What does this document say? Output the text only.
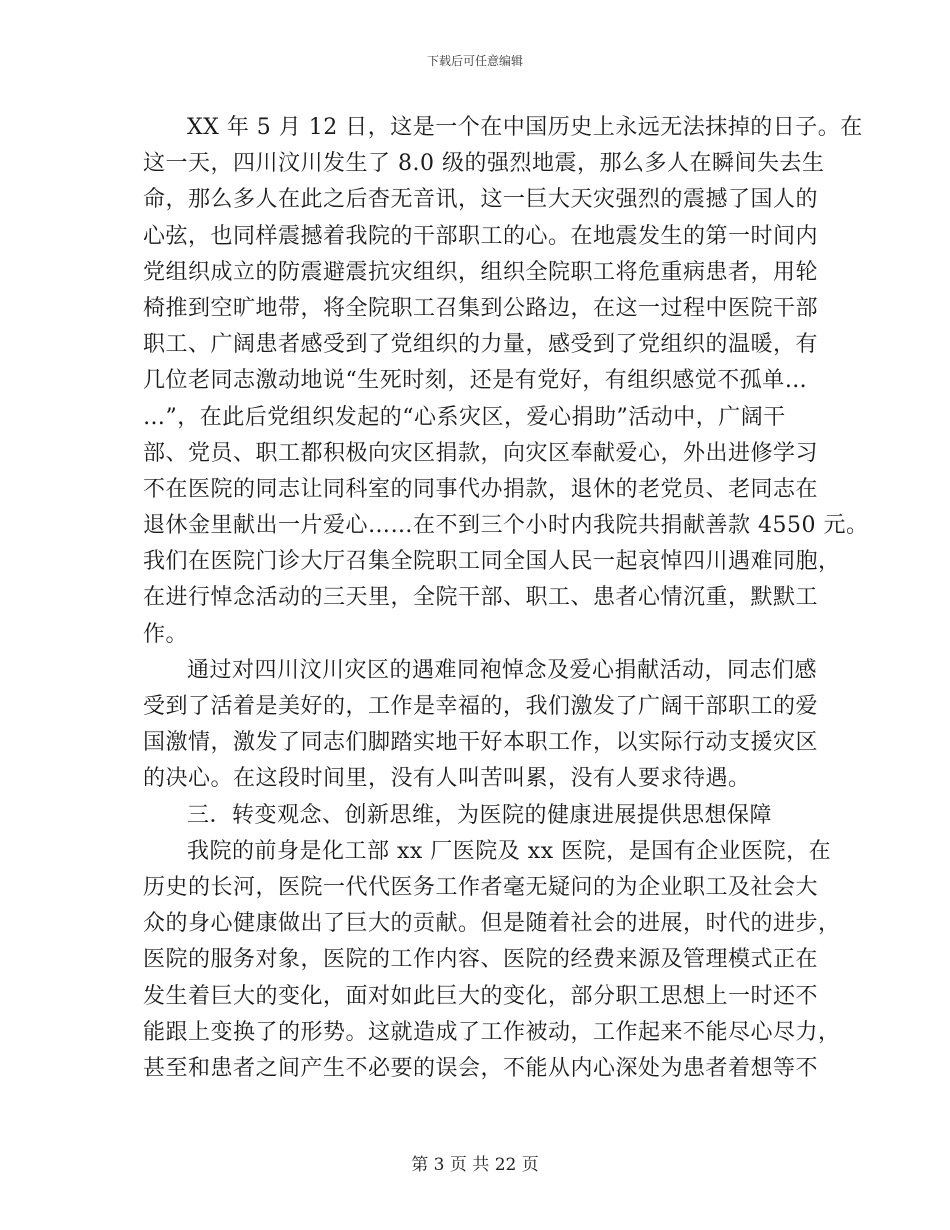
下载后可任意编辑
XX 年 5 月 12 日，这是一个在中国历史上永远无法抹掉的日子。在
这一天，四川汶川发生了 8.0 级的强烈地震，那么多人在瞬间失去生
命，那么多人在此之后杳无音讯，这一巨大天灾强烈的震撼了国人的
心弦，也同样震撼着我院的干部职工的心。在地震发生的第一时间内
党组织成立的防震避震抗灾组织，组织全院职工将危重病患者，用轮
椅推到空旷地带，将全院职工召集到公路边，在这一过程中医院干部
职工、广阔患者感受到了党组织的力量，感受到了党组织的温暖，有
几位老同志激动地说“生死时刻，还是有党好，有组织感觉不孤单…
…”，在此后党组织发起的“心系灾区，爱心捐助”活动中，广阔干
部、党员、职工都积极向灾区捐款，向灾区奉献爱心，外出进修学习
不在医院的同志让同科室的同事代办捐款，退休的老党员、老同志在
退休金里献出一片爱心……在不到三个小时内我院共捐献善款 4550 元。
我们在医院门诊大厅召集全院职工同全国人民一起哀悼四川遇难同胞，
在进行悼念活动的三天里，全院干部、职工、患者心情沉重，默默工
作。
通过对四川汶川灾区的遇难同袍悼念及爱心捐献活动，同志们感
受到了活着是美好的，工作是幸福的，我们激发了广阔干部职工的爱
国激情，激发了同志们脚踏实地干好本职工作，以实际行动支援灾区
的决心。在这段时间里，没有人叫苦叫累，没有人要求待遇。
三．转变观念、创新思维，为医院的健康进展提供思想保障
我院的前身是化工部 xx 厂医院及 xx 医院，是国有企业医院，在
历史的长河，医院一代代医务工作者毫无疑问的为企业职工及社会大
众的身心健康做出了巨大的贡献。但是随着社会的进展，时代的进步，
医院的服务对象，医院的工作内容、医院的经费来源及管理模式正在
发生着巨大的变化，面对如此巨大的变化，部分职工思想上一时还不
能跟上变换了的形势。这就造成了工作被动，工作起来不能尽心尽力，
甚至和患者之间产生不必要的误会，不能从内心深处为患者着想等不
第 3 页 共 22 页
